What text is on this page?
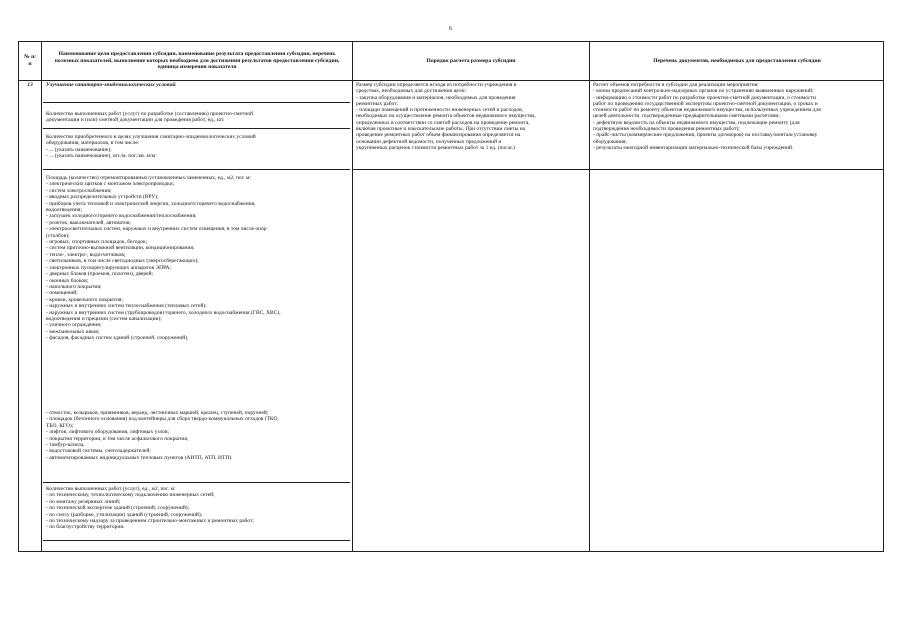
6
№ п/п
Наименование цели предоставления субсидии, наименование результата предоставления субсидии, перечень полезных показателей, выполнение которых необходимо для достижения результатов предоставления субсидии, единица измерения показателя
Порядок расчета размера субсидии	Перечень документов, необходимых для предоставления субсидии
13	Улучшение санитарно-эпидемиологических условий
Количество выполненных работ (услуг) по разработке (составлению) проектно-сметной
документации и (или) сметной документации для проведения работ, ед., шт.
Количество приобретенного в целях улучшения санитарно-эпидемиологических условий
оборудования, материалов, в том числе:
- ... (указать наименование);
- ... (указать наименование), шт./м. пог./кв. м/кг
Площадь (количество) отремонтированных/установленных/замененных, ед., м2, пог. м:
- электрических щитков с монтажом электропроводки;
- систем электроснабжения;
- вводных распределительных устройств (ВРУ);
- приборов учета тепловой и электрической энергии, холодного/горячего водоснабжения,
водоотведения;
- заглушек холодного/горячего водоснабжения/теплоснабжения;
- розеток, выключателей, автоматов;
- электроосветительных систем, наружных и внутренних систем освещения, в том числе опор
(столбов);
- игровых, спортивных площадок, беседок;
- систем приточно-вытяжной вентиляции, кондиционирования;
- тепло-, электро-, водосчетчиков;
- светильников, в том числе светодиодных (энергосберегающих);
- электронных пускорегулирующих аппаратов ЭПРА;
- дверных блоков (проемов, полотен), дверей;
- оконных блоков;
- напольного покрытия;
- помещений;
- кровли, кровельного покрытия;
- наружных и внутренних систем теплоснабжения (тепловых сетей);
- наружных и внутренних систем (трубопроводов) горячего, холодного водоснабжения (ГВС, ХВС),
водоотведения и прецизии (систем канализации);
- уличного ограждения;
- межпанельных швов;
- фасадов, фасадных систем зданий (строений, сооружений),
- отмосток, козырьков, приямников, веранд, лестничных маршей, крылец, ступеней, поручней;
- площадок (бетонного основания) под контейнеры для сбора твердо-коммунальных отходов (ТКО,
ТБО, КГО);
- лифтов, лифтового оборудования, лифтовых узлов;
- покрытия территории, в том числе асфальтового покрытия,
- тамбур-шлюза,
- водостоковой системы, снегозадержателей;
- автоматизированных индивидуальных тепловых пунктов (АИТП, АТП, ИТП).
Количество выполненных работ (услуг), ед., м2, пог. м:
- по техническому, технологическому подключению инженерных сетей;
- по монтажу резервных линий;
- по технической экспертизе зданий (строений, сооружений);
- по сносу (разборке, утилизации) зданий (строений, сооружений);
- по техническому надзору за проведением строительно-монтажных и ремонтных работ;
- по благоустройству территории.
Размер субсидии определяется исходя из потребности учреждения в
средствах, необходимых для достижения цели:
- закупка оборудования и материалов, необходимых для проведения
ремонтных работ;
- площади помещений и протяженности инженерных сетей и расходов,
необходимых на осуществление ремонта объектов недвижимого имущества,
определенных в соответствии со сметой расходов на проведение ремонта,
включая проектные и изыскательские работы. При отсутствии сметы на
проведение ремонтных работ объем финансирования определяется на
основании дефектной ведомости, полученных предложений и
укрупненных расценок стоимости ремонтных работ за 1 ед. (пог.м.)
Расчет объемов потребности в субсидии для реализации мероприятия:
- копии предписаний контрольно-надзорных органов по устранению выявленных нарушений;
- информацию о стоимости работ по разработке проектно-сметной документации, о стоимости
работ по проведению государственной экспертизы проектно-сметной документации, о сроках и
стоимости работ по ремонту объектов недвижимого имущества, используемых учреждением для
целей деятельности, подтвержденные предварительными сметными расчетами;
- дефектную ведомость на объекты недвижимого имущества, подлежащие ремонту (для
подтверждения необходимости проведения ремонтных работ);
- прайс-листы (коммерческие предложения, проекты договоров) на поставку/монтаж/установку
оборудования;
- результаты ежегодной инвентаризации материально-технической базы учреждений.
